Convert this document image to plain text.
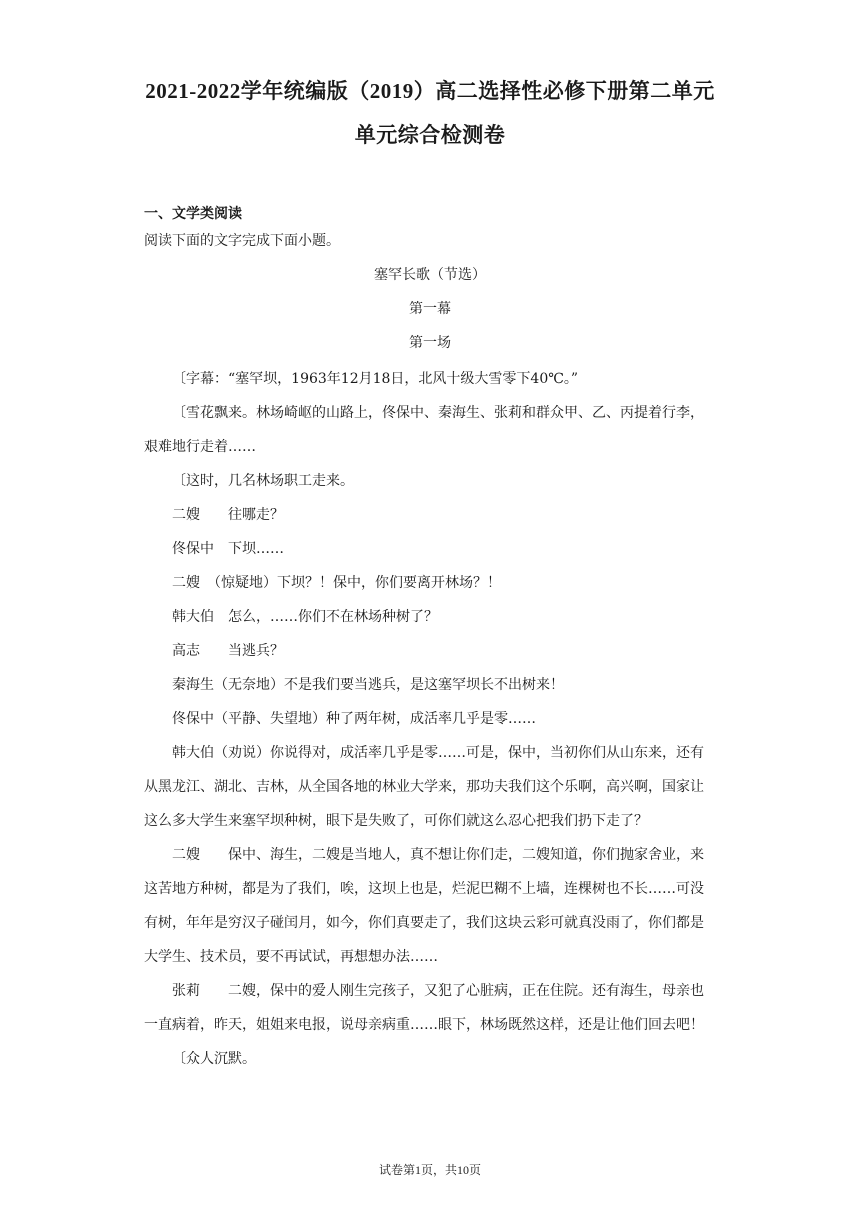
2021-2022学年统编版（2019）高二选择性必修下册第二单元
单元综合检测卷
一、文学类阅读
阅读下面的文字完成下面小题。
塞罕长歌（节选）
第一幕
第一场

〔字幕：“塞罕坝，1963年12月18日，北风十级大雪零下40℃。”

〔雪花飘来。林场崎岖的山路上，佟保中、秦海生、张莉和群众甲、乙、丙提着行李，艰难地行走着……

〔这时，几名林场职工走来。

二嫂　　往哪走？

佟保中　下坝……

二嫂　（惊疑地）下坝？！保中，你们要离开林场？！

韩大伯　怎么，……你们不在林场种树了？

高志　　当逃兵？

秦海生（无奈地）不是我们要当逃兵，是这塞罕坝长不出树来！

佟保中（平静、失望地）种了两年树，成活率几乎是零……

韩大伯（劝说）你说得对，成活率几乎是零……可是，保中，当初你们从山东来，还有从黑龙江、湖北、吉林，从全国各地的林业大学来，那功夫我们这个乐啊，高兴啊，国家让这么多大学生来塞罕坝种树，眼下是失败了，可你们就这么忍心把我们扔下走了？

二嫂　　保中、海生，二嫂是当地人，真不想让你们走，二嫂知道，你们抛家舍业，来这苦地方种树，都是为了我们，唉，这坝上也是，烂泥巴糊不上墙，连棵树也不长……可没有树，年年是穷汉子碰闰月，如今，你们真要走了，我们这块云彩可就真没雨了，你们都是大学生、技术员，要不再试试，再想想办法……

张莉　　二嫂，保中的爱人刚生完孩子，又犯了心脏病，正在住院。还有海生，母亲也一直病着，昨天，姐姐来电报，说母亲病重……眼下，林场既然这样，还是让他们回去吧！

〔众人沉默。

试卷第1页，共10页
